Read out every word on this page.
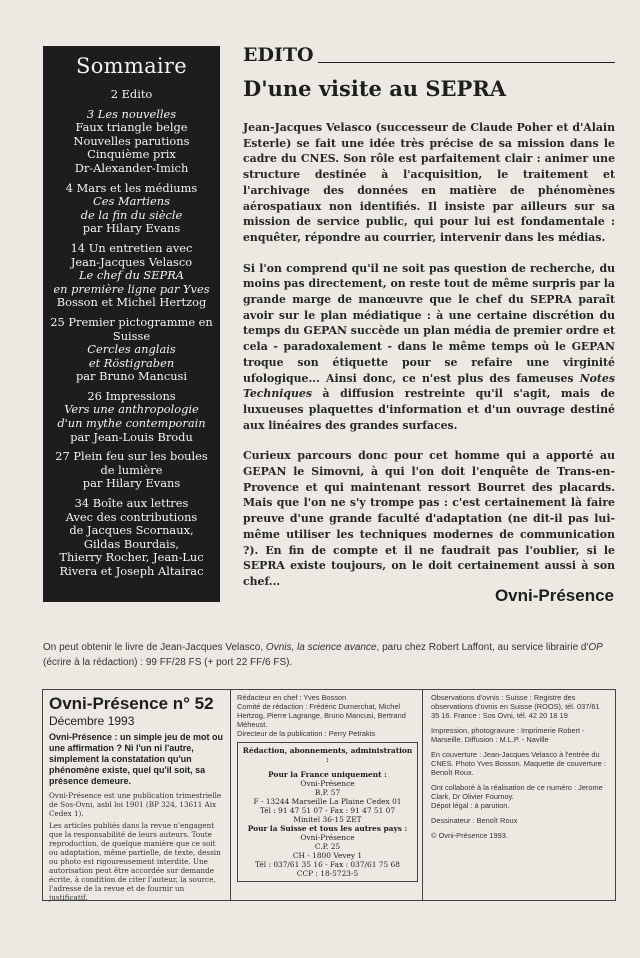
Sommaire
2 Edito
3 Les nouvelles
Faux triangle belge
Nouvelles parutions
Cinquième prix
Dr-Alexander-Imich
4 Mars et les médiums
Ces Martiens
de la fin du siècle
par Hilary Evans
14 Un entretien avec
Jean-Jacques Velasco
Le chef du SEPRA
en première ligne par Yves
Bosson et Michel Hertzog
25 Premier pictogramme en
Suisse
Cercles anglais
et Röstigraben
par Bruno Mancusi
26 Impressions
Vers une anthropologie
d'un mythe contemporain
par Jean-Louis Brodu
27 Plein feu sur les boules
de lumière
par Hilary Evans
34 Boîte aux lettres
Avec des contributions
de Jacques Scornaux,
Gildas Bourdais,
Thierry Rocher, Jean-Luc
Rivera et Joseph Altairac
EDITO
D'une visite au SEPRA

Jean-Jacques Velasco (successeur de Claude Poher et d'Alain Esterle) se fait une idée très précise de sa mission dans le cadre du CNES. Son rôle est parfaitement clair : animer une structure destinée à l'acquisition, le traitement et l'archivage des données en matière de phénomènes aérospatiaux non identifiés. Il insiste par ailleurs sur sa mission de service public, qui pour lui est fondamentale : enquêter, répondre au courrier, intervenir dans les médias.

Si l'on comprend qu'il ne soit pas question de recherche, du moins pas directement, on reste tout de même surpris par la grande marge de manœuvre que le chef du SEPRA paraît avoir sur le plan médiatique : à une certaine discrétion du temps du GEPAN succède un plan média de premier ordre et cela - paradoxalement - dans le même temps où le GEPAN troque son étiquette pour se refaire une virginité ufologique... Ainsi donc, ce n'est plus des fameuses Notes Techniques à diffusion restreinte qu'il s'agit, mais de luxueuses plaquettes d'information et d'un ouvrage destiné aux linéaires des grandes surfaces.

Curieux parcours donc pour cet homme qui a apporté au GEPAN le Simovni, à qui l'on doit l'enquête de Trans-en-Provence et qui maintenant ressort Bourret des placards. Mais que l'on ne s'y trompe pas : c'est certainement là faire preuve d'une grande faculté d'adaptation (ne dit-il pas lui-même utiliser les techniques modernes de communication ?). En fin de compte et il ne faudrait pas l'oublier, si le SEPRA existe toujours, on le doit certainement aussi à son chef...

Ovni-Présence
On peut obtenir le livre de Jean-Jacques Velasco, Ovnis, la science avance, paru chez Robert Laffont, au service librairie d'OP (écrire à la rédaction) : 99 FF/28 FS (+ port 22 FF/6 FS).

Ovni-Présence n° 52

Décembre 1993

Ovni-Présence : un simple jeu de mot ou une affirmation ? Ni l'un ni l'autre, simplement la constatation qu'un phénomène existe, quel qu'il soit, sa présence demeure.

Ovni-Présence est une publication trimestrielle de Sos-Ovni, asbl loi 1901 (BP 324, 13611 Aix Cedex 1).

Les articles publiés dans la revue n'engagent que la responsabilité de leurs auteurs. Toute reproduction, de quelque manière que ce soit ou adaptation, même partielle, de texte, dessin ou photo est rigoureusement interdite. Une autorisation peut être accordée sur demande écrite, à condition de citer l'auteur, la source, l'adresse de la revue et de fournir un justificatif.

Rédacteur en chef : Yves Bosson

Comité de rédaction : Frédéric Dumerchat, Michel Hertzog, Pierre Lagrange, Bruno Mancusi, Bertrand Méheust.

Directeur de la publication : Perry Petrakis

Rédaction, abonnements, administration :
Pour la France uniquement :
Ovni-Présence
B.P. 57
F - 13244 Marseille La Plaine Cedex 01
Tél : 91 47 51 07 - Fax : 91 47 51 07
Minitel 36-15 ZET
Pour la Suisse et tous les autres pays :
Ovni-Présence
C.P. 25
CH - 1800 Vevey 1
Tél : 037/61 35 16 - Fax : 037/61 75 68
CCP : 18-5723-5

Observations d'ovnis : Suisse : Registre des observations d'ovnis en Suisse (ROOS), tél. 037/61 35 16. France : Sos Ovni, tél. 42 20 18 19

Impression, photogravure : Imprimerie Robert - Marseille. Diffusion : M.L.P. - Naville

En couverture : Jean-Jacques Velasco à l'entrée du CNES. Photo Yves Bosson. Maquette de couverture : Benoît Roux.

Ont collaboré à la réalisation de ce numéro : Jerome Clark, Dr Olivier Fournoy.

Dépot légal : à parution.

Dessinateur : Benoît Roux

© Ovni-Présence 1993.
